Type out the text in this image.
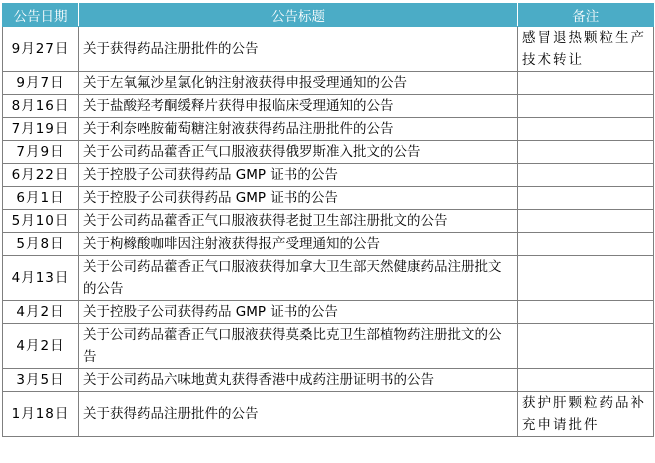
公告日期	公告标题	备注
9月27日	关于获得药品注册批件的公告	感冒退热颗粒生产技术转让
9月7日	关于左氧氟沙星氯化钠注射液获得申报受理通知的公告	
8月16日	关于盐酸羟考酮缓释片获得申报临床受理通知的公告	
7月19日	关于利奈唑胺葡萄糖注射液获得药品注册批件的公告	
7月9日	关于公司药品藿香正气口服液获得俄罗斯准入批文的公告	
6月22日	关于控股子公司获得药品 GMP 证书的公告	
6月1日	关于控股子公司获得药品 GMP 证书的公告	
5月10日	关于公司药品藿香正气口服液获得老挝卫生部注册批文的公告	
5月8日	关于枸橼酸咖啡因注射液获得报产受理通知的公告	
4月13日	关于公司药品藿香正气口服液获得加拿大卫生部天然健康药品注册批文的公告	
4月2日	关于控股子公司获得药品 GMP 证书的公告	
4月2日	关于公司药品藿香正气口服液获得莫桑比克卫生部植物药注册批文的公告	
3月5日	关于公司药品六味地黄丸获得香港中成药注册证明书的公告	
1月18日	关于获得药品注册批件的公告	获护肝颗粒药品补充申请批件
